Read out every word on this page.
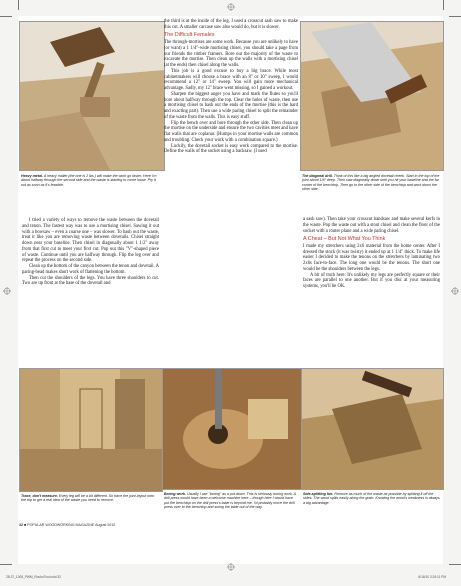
Heavy metal. A heavy mallet (the one is 2 lbs.) will make the work go faster. Here I'm about halfway through the second side and the waste is starting to come loose. Pry it out as soon as it's feasible.
The diagonal drill. Think of this like a big angled dovetail cheek. Start in the top of the joint about 1/8" deep. Then saw diagonally down until you hit your baseline and the far corner of the benchtop. Then go to the other side of the benchtop and work down the other side.

I tried a variety of ways to remove the waste between the dovetail and tenon. The fastest way was to use a mortising chisel. Sawing it out with a bowsaw – even a coarse one – was slower. To bash out the waste, treat it like you are removing waste between dovetails. Chisel straight down near your baseline. Then chisel in diagonally about 1 1/2" away from that first cut to meet your first cut. Pop out this "V"-shaped piece of waste. Continue until you are halfway through. Flip the leg over and repeat the process on the second side.

Clean up the bottom of the canyon between the tenon and dovetail. A paring-bead makes short work of flattening the bottom.

Then cut the shoulders of the legs. You have three shoulders to cut. Two are up front at the base of the dovetail and

the third is at the inside of the leg. I used a crosscut sash saw to make this cut. A smaller carcase saw also would do, but it is slower.

The Difficult Females

The through-mortises are some work. Because you are unlikely to have (or want) a 1 1/4"-wide mortising chisel, you should take a page from our friends the timber framers. Bore out the majority of the waste to excavate the mortise. Then clean up the walls with a mortising chisel (at the ends) then chisel along the walls.

This job is a good excuse to buy a big brace. While most cabinetmakers will choose a brace with an 8" or 10" sweep, I would recommend a 12" or 14" sweep. You will gain more mechanical advantage. Sadly, my 12" brace went missing, so I gained a workout.

Sharpen the biggest auger you have and mark the flutes so you'll bore about halfway through the top. Clear the holes of waste, then use a mortising chisel to bash out the ends of the mortise (this is the hard and exacting part). Then use a wide paring chisel to split the remainder of the waste from the walls. This is easy stuff.

Flip the bench over and bore through the other side. Then clean up the mortise on the underside and ensure the two cavities meet and have flat walls that are coplanar. (Humps in your mortise walls are common and troubling. Check your work with a combination square.)

Luckily, the dovetail socket is easy work compared to the mortise. Define the walls of the socket using a backsaw. (I used

a sash saw). Then take your crosscut handsaw and make several kerfs in the waste. Pop the waste out with a stout chisel and clean the floor of the socket with a router plane and a wide paring chisel.

A Cheat – But Not What You Think

I made my stretchers using 2x6 material from the home center. After I dressed the stock (it was twisty) it ended up at 1 1/4" thick. To make life easier I decided to make the tenons on the stretchers by laminating two 2x6s face-to-face. The long one would be the tenons. The short one would be the shoulders between the legs.

A bit of truth here: It's unlikely my legs are perfectly square or their faces are parallel to one another. But if you disc at your measuring systems, you'll be OK.

Trace, don't measure. Every leg will be a bit different. So trace the joint layout onto the top to get a real idea of the waste you need to remove.
Boring work. Usually I use "boring" as a put-down. This is seriously boring work. A drill press would have been a welcome machine here – though here I would have put the benchtop on the drill press's table is beyond me. I'd probably move the drill press over to the benchtop and swing the table out of the way.
Side-splitting fun. Remove as much of the waste as possible by splitting it off the sides. The wood splits easily along the grain. Knowing the wood's weakness is always a big advantage.
32 ■ POPULAR WOODWORKING MAGAZINE August 2010
28-37_1008_PWM_RouboTwo.indd 32	6/16/10 3:24:11 PM
